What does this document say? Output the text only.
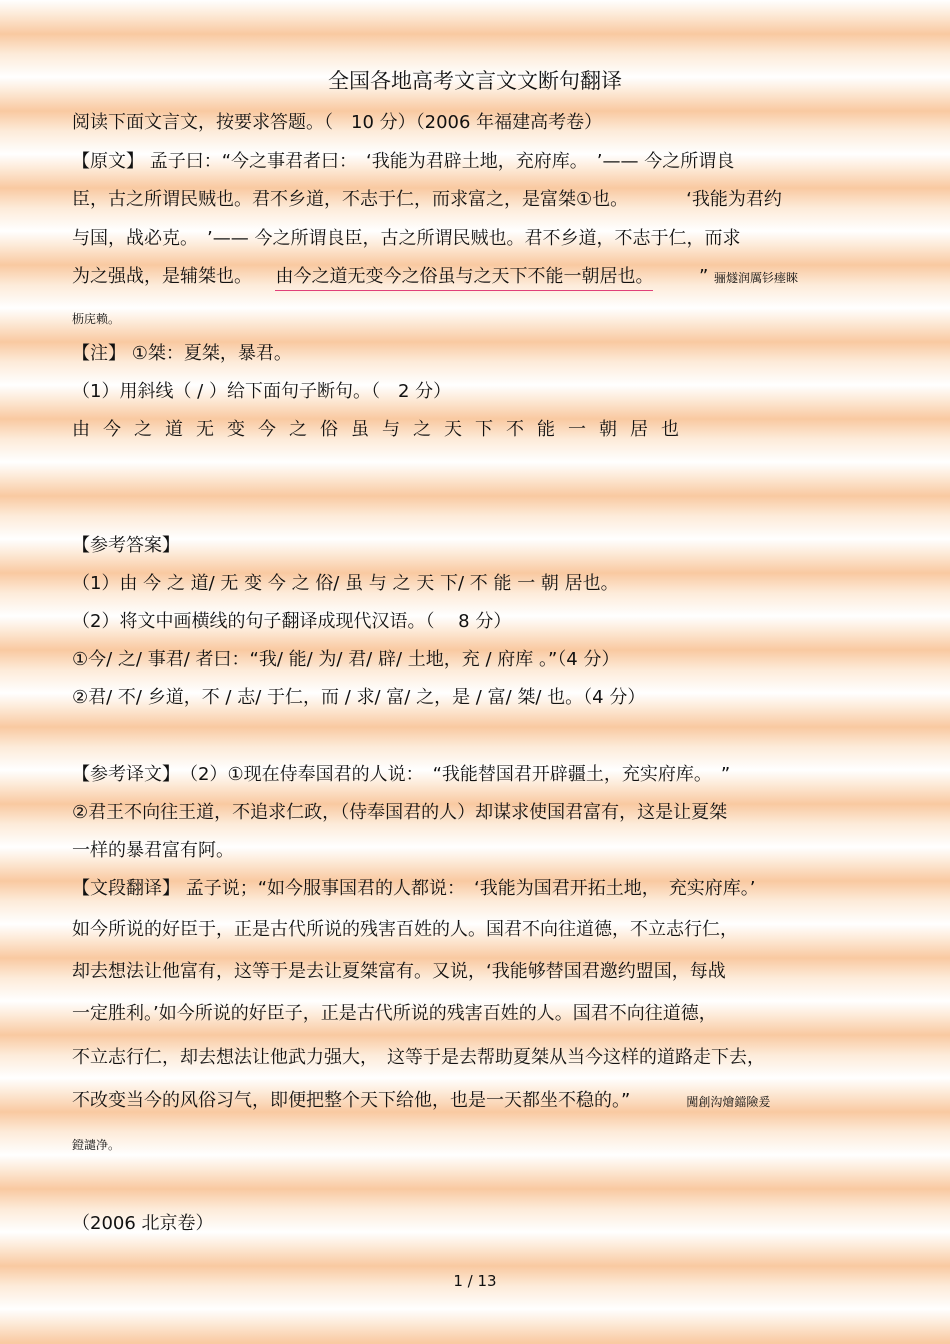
全国各地高考文言文文断句翻译
阅读下面文言文，按要求答题。（　10 分）（2006 年福建高考卷）
【原文】 孟子曰：“今之事君者曰：　‘我能为君辟土地，充府库。　’—— 今之所谓良
臣，古之所谓民贼也。君不乡道，不志于仁，而求富之，是富桀①也。	‘我能为君约
与国，战必克。　’—— 今之所谓良臣，古之所谓民贼也。君不乡道，不志于仁，而求
为之强战，是辅桀也。 由今之道无变今之俗虽与之天下不能一朝居也。	” 骊燧润厲钐瘗睞
枥庑赖。
【注】 ①桀：夏桀，暴君。
（1）用斜线（ / ）给下面句子断句。（　2 分）
由今之道无变今之俗虽与之天下不能一朝居也
【参考答案】
（1）由 今 之 道/ 无 变 今 之 俗/ 虽 与 之 天 下/ 不 能 一 朝 居也。
（2）将文中画横线的句子翻译成现代汉语。（　 8 分）
①今/ 之/ 事君/ 者曰：“我/ 能/ 为/ 君/ 辟/ 土地，充 / 府库 。”（4 分）
②君/ 不/ 乡道，不 / 志/ 于仁，而 / 求/ 富/ 之，是 / 富/ 桀/ 也。（4 分）
【参考译文】　（2）①现在侍奉国君的人说：　“我能替国君开辟疆土，充实府库。　”
②君王不向往王道，不追求仁政，（侍奉国君的人）却谋求使国君富有，这是让夏桀
一样的暴君富有阿。
【文段翻译】 孟子说；“如今服事国君的人都说：　‘我能为国君开拓土地，　充实府库。’
如今所说的好臣于，正是古代所说的残害百姓的人。国君不向往道德，不立志行仁，
却去想法让他富有，这等于是去让夏桀富有。又说，‘我能够替国君邀约盟国，每战
一定胜利。’如今所说的好臣子，正是古代所说的残害百姓的人。国君不向往道德，
不立志行仁，却去想法让他武力强大，　这等于是去帮助夏桀从当今这样的道路走下去，
不改变当今的风俗习气，即便把整个天下给他，也是一天都坐不稳的。”	闖創沟燴鐺險爰
鐙譴净。
（2006 北京卷）
1 / 13
